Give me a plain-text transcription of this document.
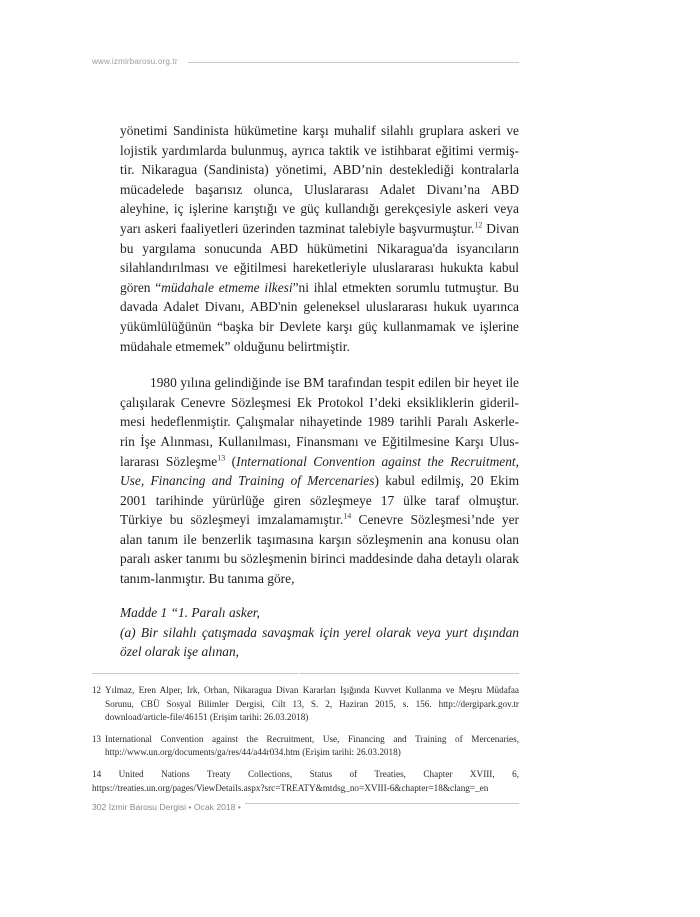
www.izmirbarosu.org.tr

yönetimi Sandinista hükümetine karşı muhalif silahlı gruplara askeri ve lojistik yardımlarda bulunmuş, ayrıca taktik ve istihbarat eğitimi vermiş-tir. Nikaragua (Sandinista) yönetimi, ABD’nin desteklediği kontralarla mücadelede başarısız olunca, Uluslararası Adalet Divanı’na ABD aleyhine, iç işlerine karıştığı ve güç kullandığı gerekçesiyle askeri veya yarı askeri faaliyetleri üzerinden tazminat talebiyle başvurmuştur.$^{12}$ Divan bu yargılama sonucunda ABD hükümetini Nikaragua'da isyancıların silahlandırılması ve eğitilmesi hareketleriyle uluslararası hukukta kabul gören “müdahale etmeme ilkesi”ni ihlal etmekten sorumlu tutmuştur. Bu davada Adalet Divanı, ABD'nin geleneksel uluslararası hukuk uyarınca yükümlülüğünün “başka bir Devlete karşı güç kullanmamak ve işlerine müdahale etmemek” olduğunu belirtmiştir.

1980 yılına gelindiğinde ise BM tarafından tespit edilen bir heyet ile çalışılarak Cenevre Sözleşmesi Ek Protokol I’deki eksikliklerin gideril-mesi hedeflenmiştir. Çalışmalar nihayetinde 1989 tarihli Paralı Askerle-rin İşe Alınması, Kullanılması, Finansmanı ve Eğitilmesine Karşı Ulus-lararası Sözleşme$^{13}$ (International Convention against the Recruitment, Use, Financing and Training of Mercenaries) kabul edilmiş, 20 Ekim 2001 tarihinde yürürlüğe giren sözleşmeye 17 ülke taraf olmuştur. Türkiye bu sözleşmeyi imzalamamıştır.$^{14}$ Cenevre Sözleşmesi’nde yer alan tanım ile benzerlik taşımasına karşın sözleşmenin ana konusu olan paralı asker tanımı bu sözleşmenin birinci maddesinde daha detaylı olarak tanım-lanmıştır. Bu tanıma göre,

Madde 1 “1. Paralı asker,
(a) Bir silahlı çatışmada savaşmak için yerel olarak veya yurt dışından özel olarak işe alınan,
12 Yılmaz, Eren Alper, Irk, Orhan, Nikaragua Divan Kararları Işığında Kuvvet Kullanma ve Meşru Müdafaa Sorunu, CBÜ Sosyal Bilimler Dergisi, Cilt 13, S. 2, Haziran 2015, s. 156. http://dergipark.gov.tr download/article-file/46151 (Erişim tarihi: 26.03.2018)
13 International Convention against the Recruitment, Use, Financing and Training of Mercenaries, http://www.un.org/documents/ga/res/44/a44r034.htm (Erişim tarihi: 26.03.2018)
14 United Nations Treaty Collections, Status of Treaties, Chapter XVIII, 6, https://treaties.un.org/pages/ViewDetails.aspx?src=TREATY&mtdsg_no=XVIII-6&chapter=18&clang=_en
302 İzmir Barosu Dergisi • Ocak 2018 •
